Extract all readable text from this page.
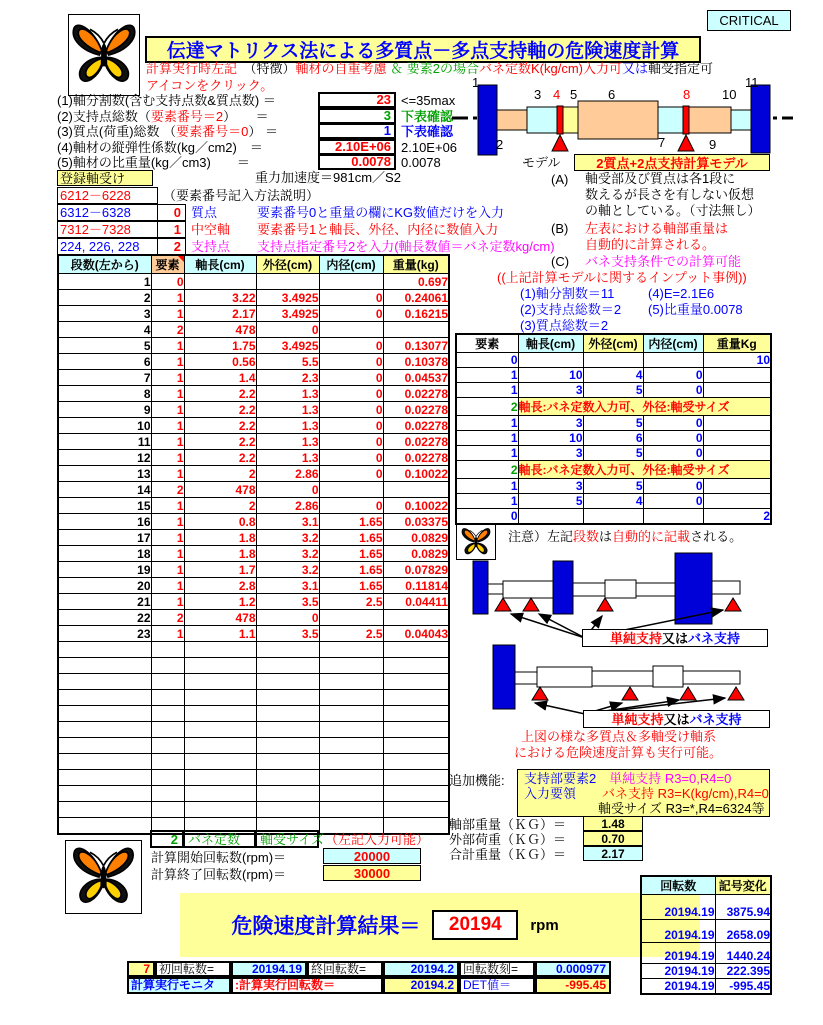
伝達マトリクス法による多質点－多点支持軸の危険速度計算
CRITICAL
計算実行時左記　（特徴）軸材の自重考慮 ＆ 要素2の場合バネ定数K(kg/cm)入力可又は軸受指定可
アイコンをクリック。
(1)軸分割数(含む支持点数&質点数) ＝	23 <=35max
(2)支持点総数（要素番号＝2）　　＝	3 下表確認
(3)質点(荷重)総数 （要素番号＝0） ＝	1 下表確認
(4)軸材の縦弾性係数(kg／cm2)　＝	2.10E+06 2.10E+06
(5)軸材の比重量(kg／cm3)　　＝	0.0078 0.0078
重力加速度＝981cm／S2
登録軸受け
6212－6228	（要素番号記入方法説明）
6312－6328	0 質点	要素番号0と重量の欄にKG数値だけを入力
7312－7328	1 中空軸 要素番号1と軸長、外径、内径に数値入力
224, 226, 228	2 支持点 支持点指定番号2を入力(軸長数値＝バネ定数kg/cm)
段数(左から)	要素	軸長(cm)	外径(cm)	内径(cm)	重量(kg)
1	0				0.697
2	1	3.22	3.4925	0	0.24061
3	1	2.17	3.4925	0	0.16215
4	2	478	0		
5	1	1.75	3.4925	0	0.13077
6	1	0.56	5.5	0	0.10378
7	1	1.4	2.3	0	0.04537
8	1	2.2	1.3	0	0.02278
9	1	2.2	1.3	0	0.02278
10	1	2.2	1.3	0	0.02278
11	1	2.2	1.3	0	0.02278
12	1	2.2	1.3	0	0.02278
13	1	2	2.86	0	0.10022
14	2	478	0		
15	1	2	2.86	0	0.10022
16	1	0.8	3.1	1.65	0.03375
17	1	1.8	3.2	1.65	0.0829
18	1	1.8	3.2	1.65	0.0829
19	1	1.7	3.2	1.65	0.07829
20	1	2.8	3.1	1.65	0.11814
21	1	1.2	3.5	2.5	0.04411
22	2	478	0		
23	1	1.1	3.5	2.5	0.04043

1
3 4 5 6	8 10
11
2	7	9
モデル	2質点+2点支持計算モデル
(A) 軸受部及び質点は各1段に
数えるが長さを有しない仮想
の軸としている。（寸法無し）
(B) 左表における軸部重量は
自動的に計算される。
(C) バネ支持条件での計算可能
((上記計算モデルに関するインプット事例))
(1)軸分割数＝11	(4)E=2.1E6
(2)支持点総数＝2 (5)比重量0.0078
(3)質点総数＝2
要素	軸長(cm)	外径(cm)	内径(cm)	重量Kg
0				10
1	10	4	0	
1	3	5	0	
2	軸長:バネ定数入力可、外径:軸受サイズ			
1	3	5	0	
1	10	6	0	
1	3	5	0	
2	軸長:バネ定数入力可、外径:軸受サイズ			
1	3	5	0	
1	5	4	0	
0				2
注意）左記段数は自動的に記載される。
単純支持 又は バネ支持
単純支持 又は バネ支持
上図の様な多質点＆多軸受け軸系
における危険速度計算も実行可能。
追加機能: 支持部要素2　単純支持 R3=0,R4=0
入力要領　　バネ支持 R3=K(kg/cm),R4=0
軸受サイズ R3=*,R4=6324等
軸部重量（ＫＧ）＝	1.48
外部荷重（ＫＧ）＝	0.70
合計重量（ＫＧ）＝	2.17
2 バネ定数	軸受サイズ （左記入力可能）
計算開始回転数(rpm)＝	20000
計算終了回転数(rpm)＝	30000
危険速度計算結果＝	20194	rpm
7 初回転数=	20194.19 終回転数=	20194.2 回転数刻=	0.000977
計算実行モニタ	:計算実行回転数＝	20194.2 DET値＝	-995.45
回転数	記号変化
20194.19	3875.94
20194.19	2658.09
20194.19	1440.24
20194.19	222.395
20194.19	-995.45
